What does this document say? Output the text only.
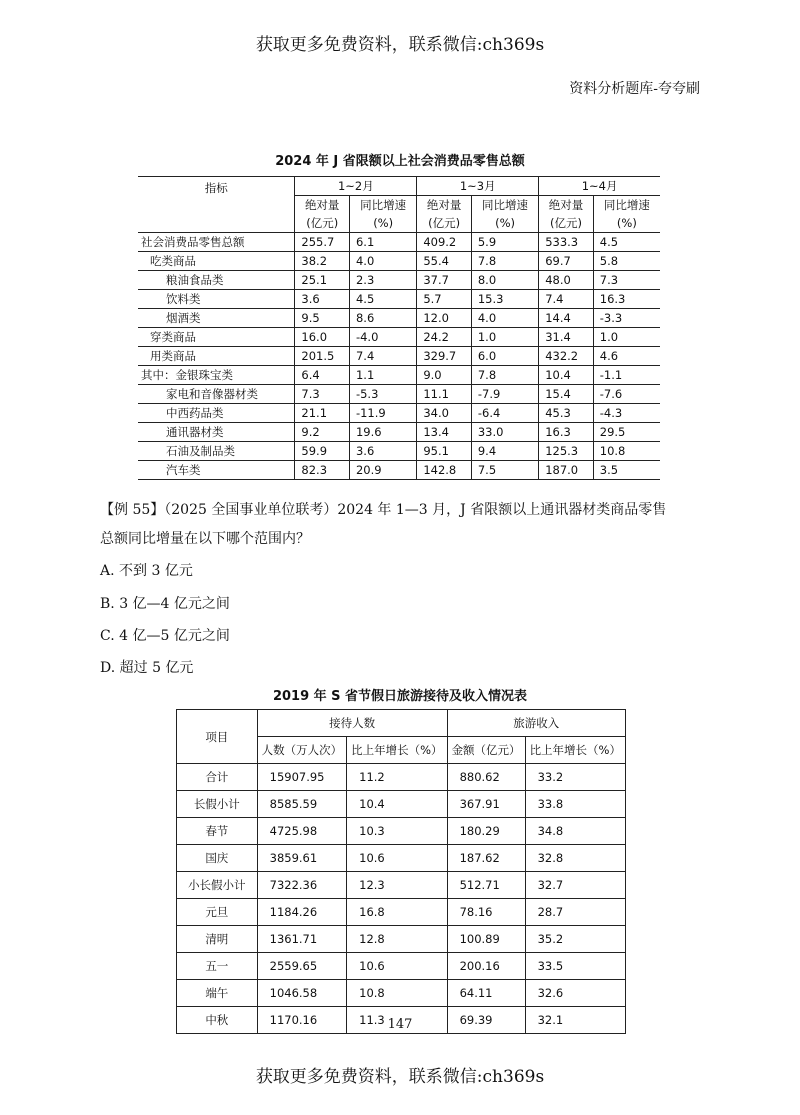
获取更多免费资料，联系微信:ch369s
资料分析题库-夸夸刷
2024 年 J 省限额以上社会消费品零售总额
指标	1~2月		1~3月		1~4月	
	绝对量	同比增速	绝对量	同比增速	绝对量	同比增速
	(亿元)	(%)	(亿元)	(%)	(亿元)	(%)
社会消费品零售总额	255.7	6.1	409.2	5.9	533.3	4.5
吃类商品	38.2	4.0	55.4	7.8	69.7	5.8
粮油食品类	25.1	2.3	37.7	8.0	48.0	7.3
饮料类	3.6	4.5	5.7	15.3	7.4	16.3
烟酒类	9.5	8.6	12.0	4.0	14.4	-3.3
穿类商品	16.0	-4.0	24.2	1.0	31.4	1.0
用类商品	201.5	7.4	329.7	6.0	432.2	4.6
其中：金银珠宝类	6.4	1.1	9.0	7.8	10.4	-1.1
家电和音像器材类	7.3	-5.3	11.1	-7.9	15.4	-7.6
中西药品类	21.1	-11.9	34.0	-6.4	45.3	-4.3
通讯器材类	9.2	19.6	13.4	33.0	16.3	29.5
石油及制品类	59.9	3.6	95.1	9.4	125.3	10.8
汽车类	82.3	20.9	142.8	7.5	187.0	3.5
【例 55】（2025 全国事业单位联考）2024 年 1—3 月，J 省限额以上通讯器材类商品零售
总额同比增量在以下哪个范围内？
A. 不到 3 亿元
B. 3 亿—4 亿元之间
C. 4 亿—5 亿元之间
D. 超过 5 亿元
2019 年 S 省节假日旅游接待及收入情况表
项目	接待人数		旅游收入	
	人数（万人次）	比上年增长（%）	金额（亿元）	比上年增长（%）
合计	15907.95	11.2	880.62	33.2
长假小计	8585.59	10.4	367.91	33.8
春节	4725.98	10.3	180.29	34.8
国庆	3859.61	10.6	187.62	32.8
小长假小计	7322.36	12.3	512.71	32.7
元旦	1184.26	16.8	78.16	28.7
清明	1361.71	12.8	100.89	35.2
五一	2559.65	10.6	200.16	33.5
端午	1046.58	10.8	64.11	32.6
中秋	1170.16	11.3	69.39	32.1
147
获取更多免费资料，联系微信:ch369s
